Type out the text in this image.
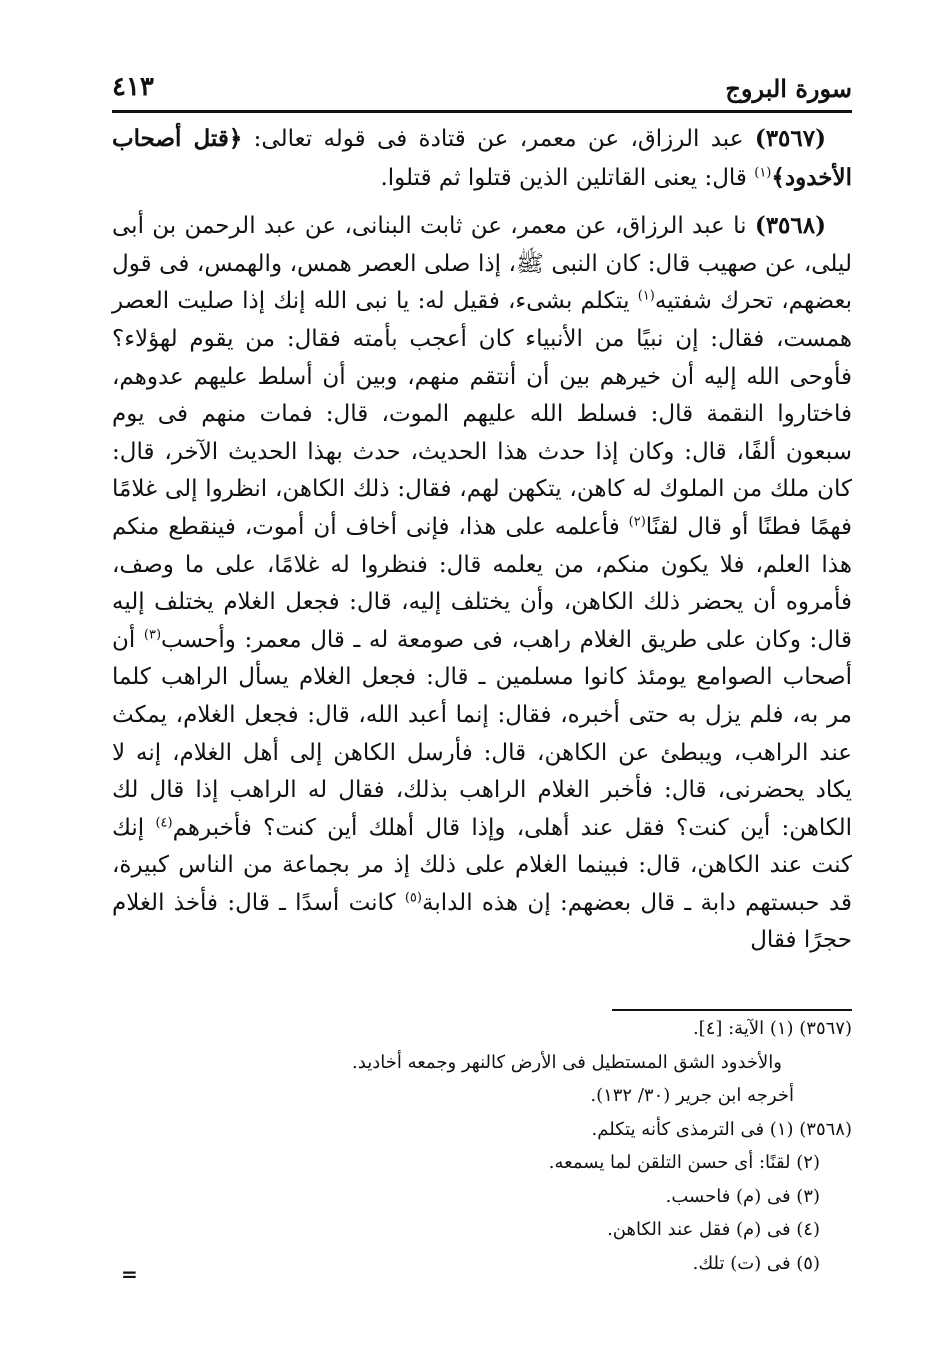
سورة البروج
٤١٣

(٣٥٦٧) عبد الرزاق، عن معمر، عن قتادة فى قوله تعالى: ﴿قتل أصحاب الأخدود﴾$^{(١)}$ قال: يعنى القاتلين الذين قتلوا ثم قتلوا.

(٣٥٦٨) نا عبد الرزاق، عن معمر، عن ثابت البنانى، عن عبد الرحمن بن أبى ليلى، عن صهيب قال: كان النبى ﷺ، إذا صلى العصر همس، والهمس، فى قول بعضهم، تحرك شفتيه$^{(١)}$ يتكلم بشىء، فقيل له: يا نبى الله إنك إذا صليت العصر همست، فقال: إن نبيًا من الأنبياء كان أعجب بأمته فقال: من يقوم لهؤلاء؟ فأوحى الله إليه أن خيرهم بين أن أنتقم منهم، وبين أن أسلط عليهم عدوهم، فاختاروا النقمة قال: فسلط الله عليهم الموت، قال: فمات منهم فى يوم سبعون ألفًا، قال: وكان إذا حدث هذا الحديث، حدث بهذا الحديث الآخر، قال: كان ملك من الملوك له كاهن، يتكهن لهم، فقال: ذلك الكاهن، انظروا إلى غلامًا فهمًا فطنًا أو قال لقنًا$^{(٢)}$ فأعلمه على هذا، فإنى أخاف أن أموت، فينقطع منكم هذا العلم، فلا يكون منكم، من يعلمه قال: فنظروا له غلامًا، على ما وصف، فأمروه أن يحضر ذلك الكاهن، وأن يختلف إليه، قال: فجعل الغلام يختلف إليه قال: وكان على طريق الغلام راهب، فى صومعة له ـ قال معمر: وأحسب$^{(٣)}$ أن أصحاب الصوامع يومئذ كانوا مسلمين ـ قال: فجعل الغلام يسأل الراهب كلما مر به، فلم يزل به حتى أخبره، فقال: إنما أعبد الله، قال: فجعل الغلام، يمكث عند الراهب، ويبطئ عن الكاهن، قال: فأرسل الكاهن إلى أهل الغلام، إنه لا يكاد يحضرنى، قال: فأخبر الغلام الراهب بذلك، فقال له الراهب إذا قال لك الكاهن: أين كنت؟ فقل عند أهلى، وإذا قال أهلك أين كنت؟ فأخبرهم$^{(٤)}$ إنك كنت عند الكاهن، قال: فبينما الغلام على ذلك إذ مر بجماعة من الناس كبيرة، قد حبستهم دابة ـ قال بعضهم: إن هذه الدابة$^{(٥)}$ كانت أسدًا ـ قال: فأخذ الغلام حجرًا فقال

(٣٥٦٧) (١) الآية: [٤].

والأخدود الشق المستطيل فى الأرض كالنهر وجمعه أخاديد.

أخرجه ابن جرير (٣٠/ ١٣٢).

(٣٥٦٨) (١) فى الترمذى كأنه يتكلم.

(٢) لقنًا: أى حسن التلقن لما يسمعه.

(٣) فى (م) فاحسب.

(٤) فى (م) فقل عند الكاهن.

(٥) فى (ت) تلك.

=
